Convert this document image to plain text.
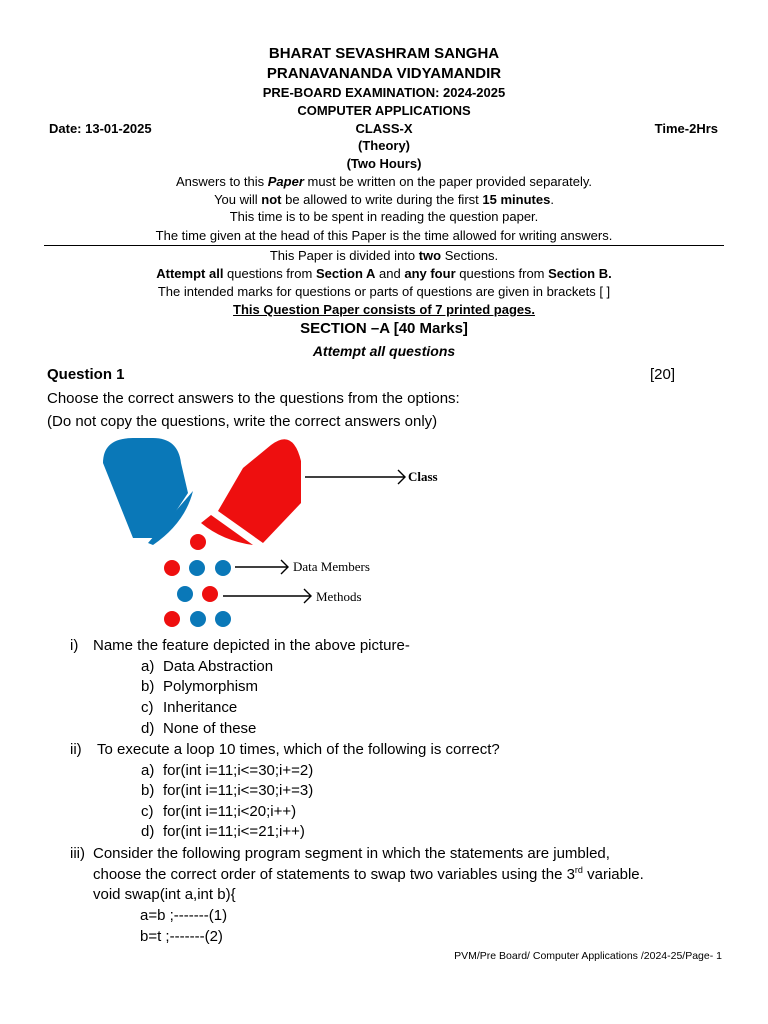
BHARAT SEVASHRAM SANGHA
PRANAVANANDA VIDYAMANDIR
PRE-BOARD EXAMINATION: 2024-2025
COMPUTER APPLICATIONS
Date: 13-01-2025	CLASS-X	Time-2Hrs
(Theory)
(Two Hours)
Answers to this Paper must be written on the paper provided separately.
You will not be allowed to write during the first 15 minutes.
This time is to be spent in reading the question paper.
The time given at the head of this Paper is the time allowed for writing answers.
This Paper is divided into two Sections.
Attempt all questions from Section A and any four questions from Section B.
The intended marks for questions or parts of questions are given in brackets [ ]
This Question Paper consists of 7 printed pages.
SECTION –A [40 Marks]
Attempt all questions
Question 1	[20]
Choose the correct answers to the questions from the options:
(Do not copy the questions, write the correct answers only)
Class
Data Members
Methods
i) Name the feature depicted in the above picture-
a) Data Abstraction
b) Polymorphism
c) Inheritance
d) None of these
ii) To execute a loop 10 times, which of the following is correct?
a) for(int i=11;i<=30;i+=2)
b) for(int i=11;i<=30;i+=3)
c) for(int i=11;i<20;i++)
d) for(int i=11;i<=21;i++)
iii) Consider the following program segment in which the statements are jumbled,
choose the correct order of statements to swap two variables using the 3rd variable.
void swap(int a,int b){
a=b ;-------(1)
b=t ;-------(2)
PVM/Pre Board/ Computer Applications /2024-25/Page- 1
